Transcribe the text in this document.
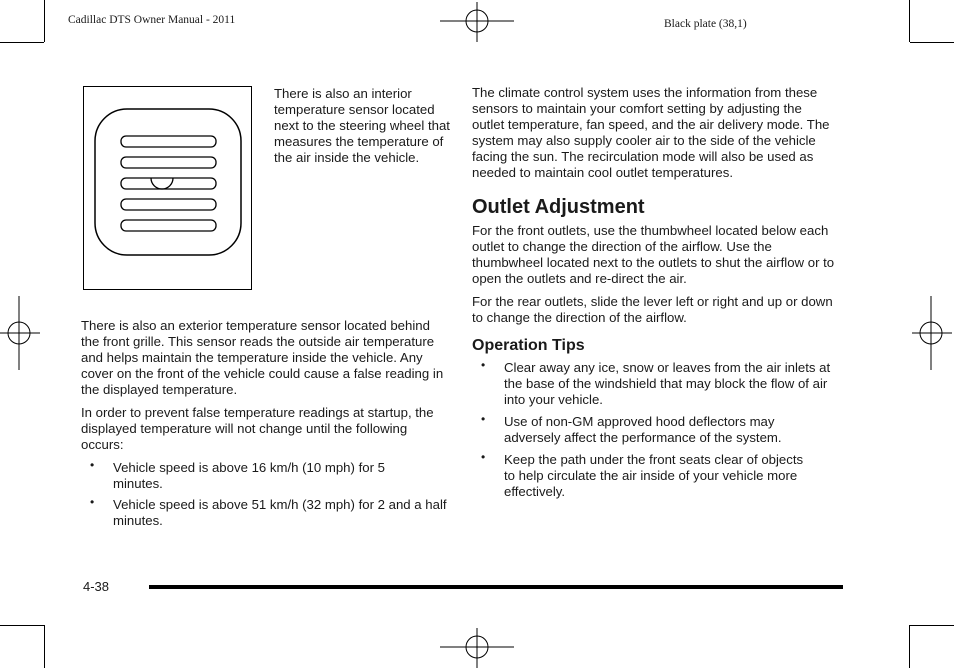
Cadillac DTS Owner Manual - 2011	Black plate (38,1)
There is also an interior temperature sensor located next to the steering wheel that measures the temperature of the air inside the vehicle.

There is also an exterior temperature sensor located behind the front grille. This sensor reads the outside air temperature and helps maintain the temperature inside the vehicle. Any cover on the front of the vehicle could cause a false reading in the displayed temperature.

In order to prevent false temperature readings at startup, the displayed temperature will not change until the following occurs:

• Vehicle speed is above 16 km/h (10 mph) for 5 minutes.
• Vehicle speed is above 51 km/h (32 mph) for 2 and a half minutes.

The climate control system uses the information from these sensors to maintain your comfort setting by adjusting the outlet temperature, fan speed, and the air delivery mode. The system may also supply cooler air to the side of the vehicle facing the sun. The recirculation mode will also be used as needed to maintain cool outlet temperatures.

Outlet Adjustment

For the front outlets, use the thumbwheel located below each outlet to change the direction of the airflow. Use the thumbwheel located next to the outlets to shut the airflow or to open the outlets and re-direct the air.

For the rear outlets, slide the lever left or right and up or down to change the direction of the airflow.

Operation Tips
• Clear away any ice, snow or leaves from the air inlets at the base of the windshield that may block the flow of air into your vehicle.
• Use of non-GM approved hood deflectors may adversely affect the performance of the system.
• Keep the path under the front seats clear of objects to help circulate the air inside of your vehicle more effectively.
4-38
